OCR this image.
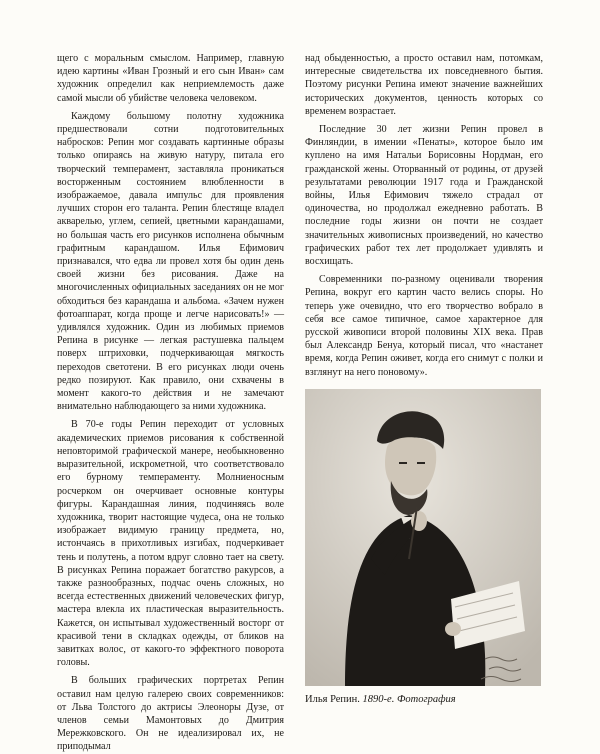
щего с моральным смыслом. Например, главную идею картины «Иван Грозный и его сын Иван» сам художник определил как неприемлемость даже самой мысли об убийстве человека человеком.

Каждому большому полотну художника предшествовали сотни подготовительных набросков: Репин мог создавать картинные образы только опираясь на живую натуру, питала его творческий темперамент, заставляла проникаться восторженным состоянием влюбленности в изображаемое, давала импульс для проявления лучших сторон его таланта. Репин блестяще владел акварелью, углем, сепией, цветными карандашами, но большая часть его рисунков исполнена обычным графитным карандашом. Илья Ефимович признавался, что едва ли провел хотя бы один день своей жизни без рисования. Даже на многочисленных официальных заседаниях он не мог обходиться без карандаша и альбома. «Зачем нужен фотоаппарат, когда проще и легче нарисовать!» — удивлялся художник. Один из любимых приемов Репина в рисунке — легкая растушевка пальцем поверх штриховки, подчеркивающая мягкость переходов светотени. В его рисунках люди очень редко позируют. Как правило, они схвачены в момент какого-то действия и не замечают внимательно наблюдающего за ними художника.

В 70-е годы Репин переходит от условных академических приемов рисования к собственной неповторимой графической манере, необыкновенно выразительной, искрометной, что соответствовало его бурному темпераменту. Молниеносным росчерком он очерчивает основные контуры фигуры. Карандашная линия, подчиняясь воле художника, творит настоящие чудеса, она не только изображает видимую границу предмета, но, истончаясь в прихотливых изгибах, подчеркивает тень и полутень, а потом вдруг словно тает на свету. В рисунках Репина поражает богатство ракурсов, а также разнообразных, подчас очень сложных, но всегда естественных движений человеческих фигур, мастера влекла их пластическая выразительность. Кажется, он испытывал художественный восторг от красивой тени в складках одежды, от бликов на завитках волос, от какого-то эффектного поворота головы.

В больших графических портретах Репин оставил нам целую галерею своих современников: от Льва Толстого до актрисы Элеоноры Дузе, от членов семьи Мамонтовых до Дмитрия Мережковского. Он не идеализировал их, не приподымал

над обыденностью, а просто оставил нам, потомкам, интересные свидетельства их повседневного бытия. Поэтому рисунки Репина имеют значение важнейших исторических документов, ценность которых со временем возрастает.

Последние 30 лет жизни Репин провел в Финляндии, в имении «Пенаты», которое было им куплено на имя Натальи Борисовны Нордман, его гражданской жены. Оторванный от родины, от друзей результатами революции 1917 года и Гражданской войны, Илья Ефимович тяжело страдал от одиночества, но продолжал ежедневно работать. В последние годы жизни он почти не создает значительных живописных произведений, но качество графических работ тех лет продолжает удивлять и восхищать.

Современники по-разному оценивали творения Репина, вокруг его картин часто велись споры. Но теперь уже очевидно, что его творчество вобрало в себя все самое типичное, самое характерное для русской живописи второй половины XIX века. Прав был Александр Бенуа, который писал, что «настанет время, когда Репин оживет, когда его снимут с полки и взглянут на него поновому».

Илья Репин. 1890-е. Фотография
